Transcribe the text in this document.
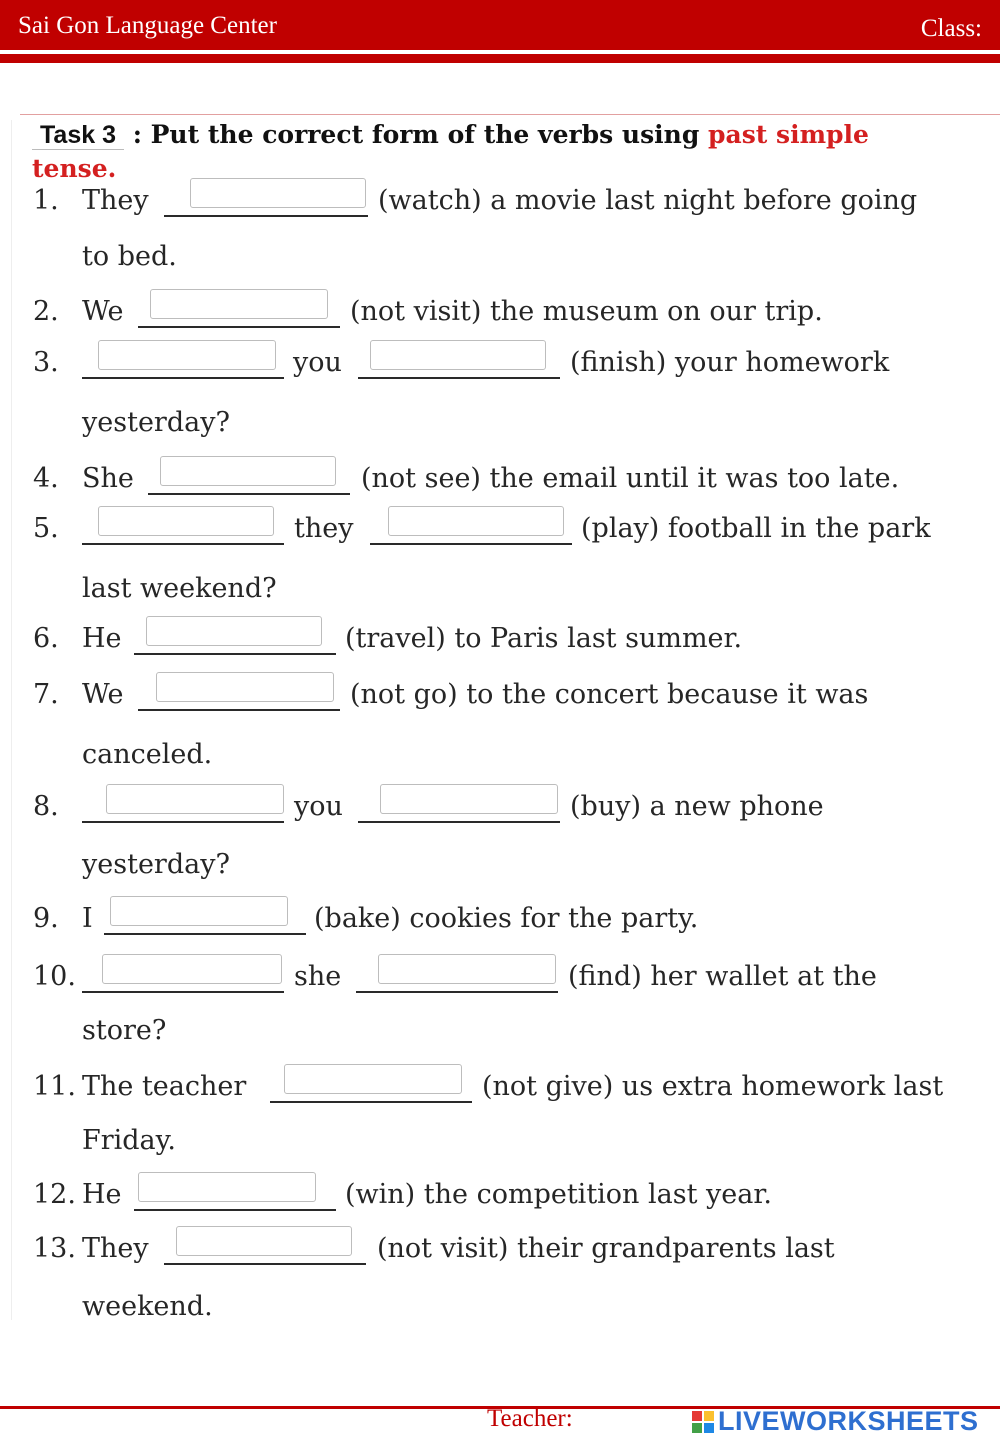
Sai Gon Language Center	Class:
Task 3 : Put the correct form of the verbs using past simple
tense.
1. They	(watch) a movie last night before going
to bed.
2. We	(not visit) the museum on our trip.
3.	you	(finish) your homework
yesterday?
4. She	(not see) the email until it was too late.
5.	they	(play) football in the park
last weekend?
6. He	(travel) to Paris last summer.
7. We	(not go) to the concert because it was
canceled.
8.	you	(buy) a new phone
yesterday?
9. I	(bake) cookies for the party.
10.	she	(find) her wallet at the
store?
11. The teacher	(not give) us extra homework last
Friday.
12. He	(win) the competition last year.
13. They	(not visit) their grandparents last
weekend.
Teacher:	LIVEWORKSHEETS
